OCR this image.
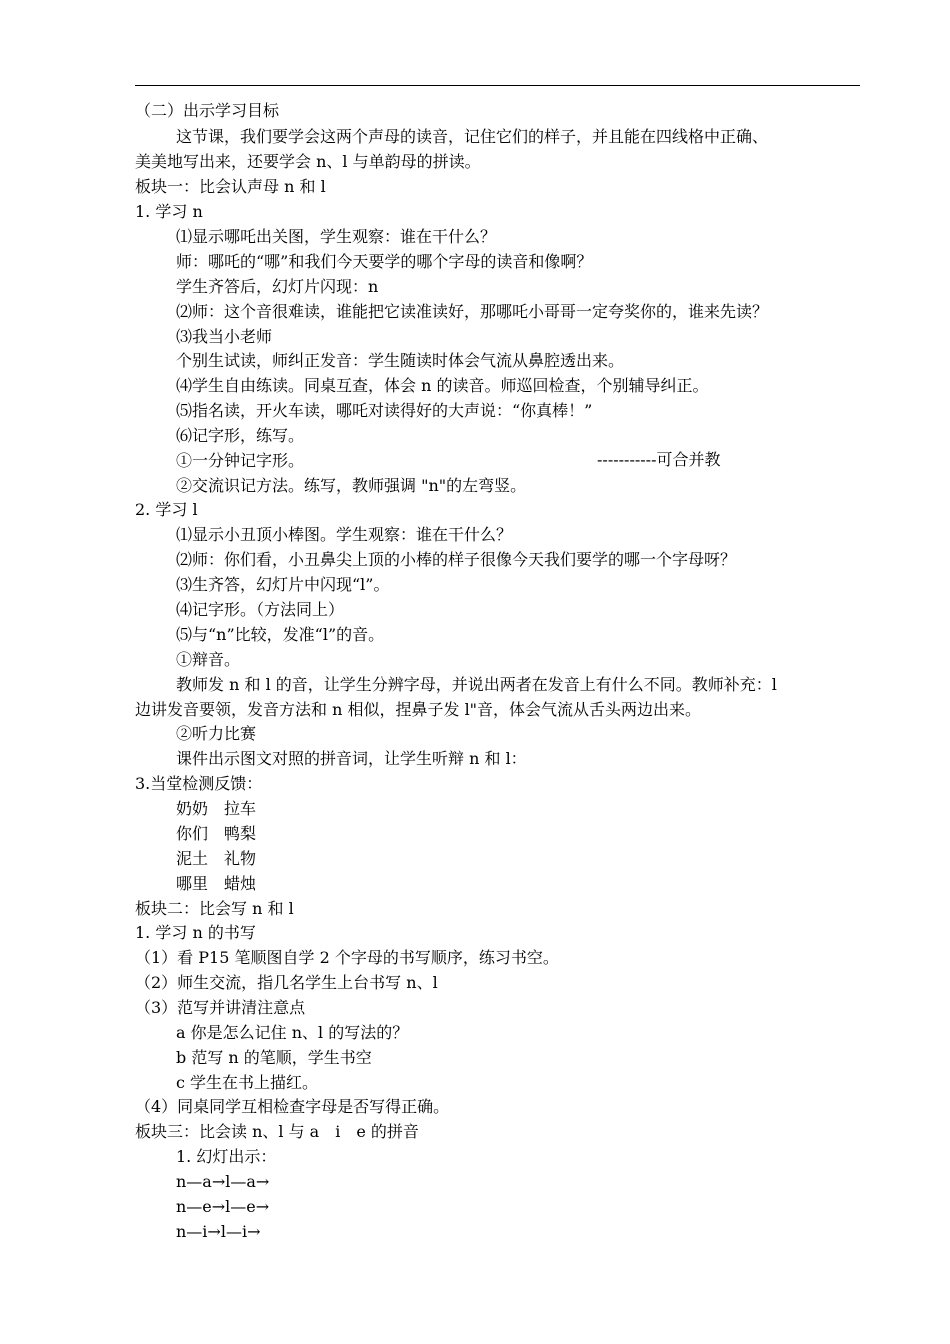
（二）出示学习目标
这节课，我们要学会这两个声母的读音，记住它们的样子，并且能在四线格中正确、
美美地写出来，还要学会 n、l 与单韵母的拼读。
板块一：比会认声母 n 和 l
1. 学习 n
⑴显示哪吒出关图，学生观察：谁在干什么？
师：哪吒的“哪”和我们今天要学的哪个字母的读音和像啊？
学生齐答后，幻灯片闪现：n
⑵师：这个音很难读，谁能把它读准读好，那哪吒小哥哥一定夸奖你的，谁来先读？
⑶我当小老师
个别生试读，师纠正发音：学生随读时体会气流从鼻腔透出来。
⑷学生自由练读。同桌互查，体会 n 的读音。师巡回检查，个别辅导纠正。
⑸指名读，开火车读，哪吒对读得好的大声说：“你真棒！”
⑹记字形，练写。
①一分钟记字形。	-----------可合并教
②交流识记方法。练写，教师强调 "n"的左弯竖。
2. 学习 l
⑴显示小丑顶小棒图。学生观察：谁在干什么？
⑵师：你们看，小丑鼻尖上顶的小棒的样子很像今天我们要学的哪一个字母呀？
⑶生齐答，幻灯片中闪现“l”。
⑷记字形。（方法同上）
⑸与“n”比较，发准“l”的音。
①辩音。
教师发 n 和 l 的音，让学生分辨字母，并说出两者在发音上有什么不同。教师补充：l
边讲发音要领，发音方法和 n 相似，捏鼻子发 l"音，体会气流从舌头两边出来。
②听力比赛
课件出示图文对照的拼音词，让学生听辩 n 和 l：
3.当堂检测反馈：
奶奶　拉车
你们　鸭梨
泥土　礼物
哪里　蜡烛
板块二：比会写 n 和 l
1. 学习 n 的书写
（1）看 P15 笔顺图自学 2 个字母的书写顺序，练习书空。
（2）师生交流，指几名学生上台书写 n、l
（3）范写并讲清注意点
a 你是怎么记住 n、l 的写法的？
b 范写 n 的笔顺，学生书空
c 学生在书上描红。
（4）同桌同学互相检查字母是否写得正确。
板块三：比会读 n、l 与 a　i　e 的拼音
1. 幻灯出示：
n—a→l—a→
n—e→l—e→
n—i→l—i→
